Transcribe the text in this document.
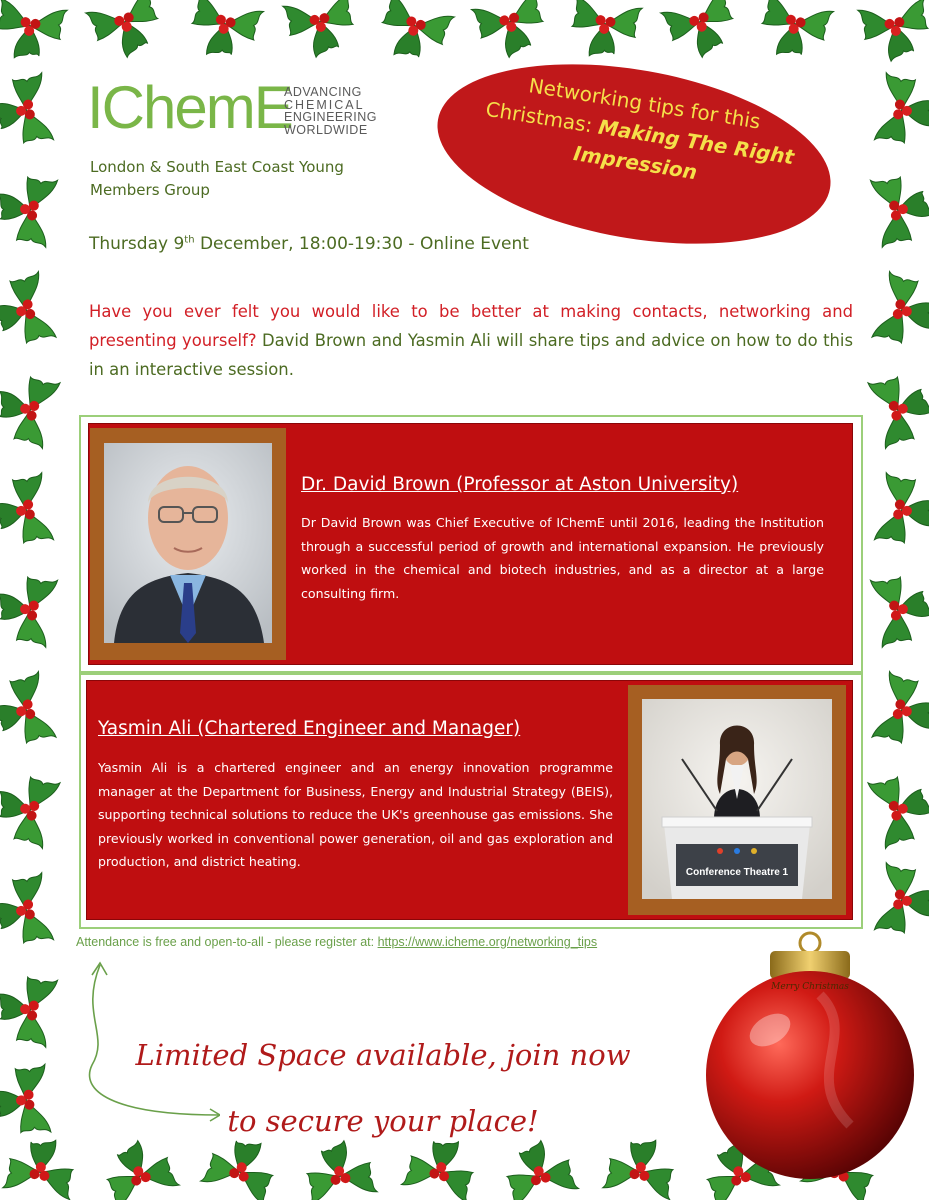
IChemE
ADVANCING
CHEMICAL
ENGINEERING
WORLDWIDE
London & South East Coast Young Members Group
Networking tips for this Christmas: Making The Right Impression
Thursday 9th December, 18:00-19:30 - Online Event
Have you ever felt you would like to be better at making contacts, networking and presenting yourself? David Brown and Yasmin Ali will share tips and advice on how to do this in an interactive session.
Dr. David Brown (Professor at Aston University)
Dr David Brown was Chief Executive of IChemE until 2016, leading the Institution through a successful period of growth and international expansion. He previously worked in the chemical and biotech industries, and as a director at a large consulting firm.
Conference Theatre 1
Yasmin Ali (Chartered Engineer and Manager)
Yasmin Ali is a chartered engineer and an energy innovation programme manager at the Department for Business, Energy and Industrial Strategy (BEIS), supporting technical solutions to reduce the UK's greenhouse gas emissions. She previously worked in conventional power generation, oil and gas exploration and production, and district heating.
Attendance is free and open-to-all - please register at: https://www.icheme.org/networking_tips
Limited Space available, join now to secure your place!
Merry Christmas
